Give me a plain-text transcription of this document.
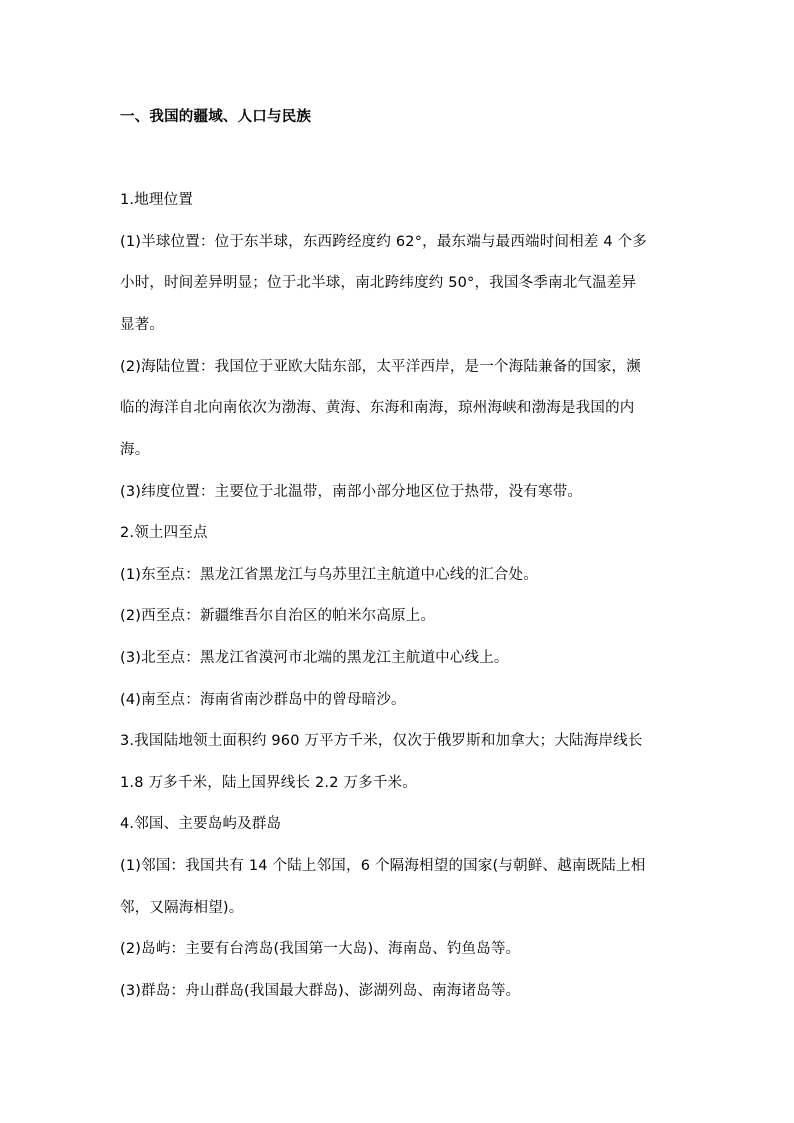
一、我国的疆域、人口与民族
1.地理位置
(1)半球位置：位于东半球，东西跨经度约 62°，最东端与最西端时间相差 4 个多
小时，时间差异明显；位于北半球，南北跨纬度约 50°，我国冬季南北气温差异
显著。
(2)海陆位置：我国位于亚欧大陆东部，太平洋西岸，是一个海陆兼备的国家，濒
临的海洋自北向南依次为渤海、黄海、东海和南海，琼州海峡和渤海是我国的内
海。
(3)纬度位置：主要位于北温带，南部小部分地区位于热带，没有寒带。
2.领土四至点
(1)东至点：黑龙江省黑龙江与乌苏里江主航道中心线的汇合处。
(2)西至点：新疆维吾尔自治区的帕米尔高原上。
(3)北至点：黑龙江省漠河市北端的黑龙江主航道中心线上。
(4)南至点：海南省南沙群岛中的曾母暗沙。
3.我国陆地领土面积约 960 万平方千米，仅次于俄罗斯和加拿大；大陆海岸线长
1.8 万多千米，陆上国界线长 2.2 万多千米。
4.邻国、主要岛屿及群岛
(1)邻国：我国共有 14 个陆上邻国，6 个隔海相望的国家(与朝鲜、越南既陆上相
邻，又隔海相望)。
(2)岛屿：主要有台湾岛(我国第一大岛)、海南岛、钓鱼岛等。
(3)群岛：舟山群岛(我国最大群岛)、澎湖列岛、南海诸岛等。
